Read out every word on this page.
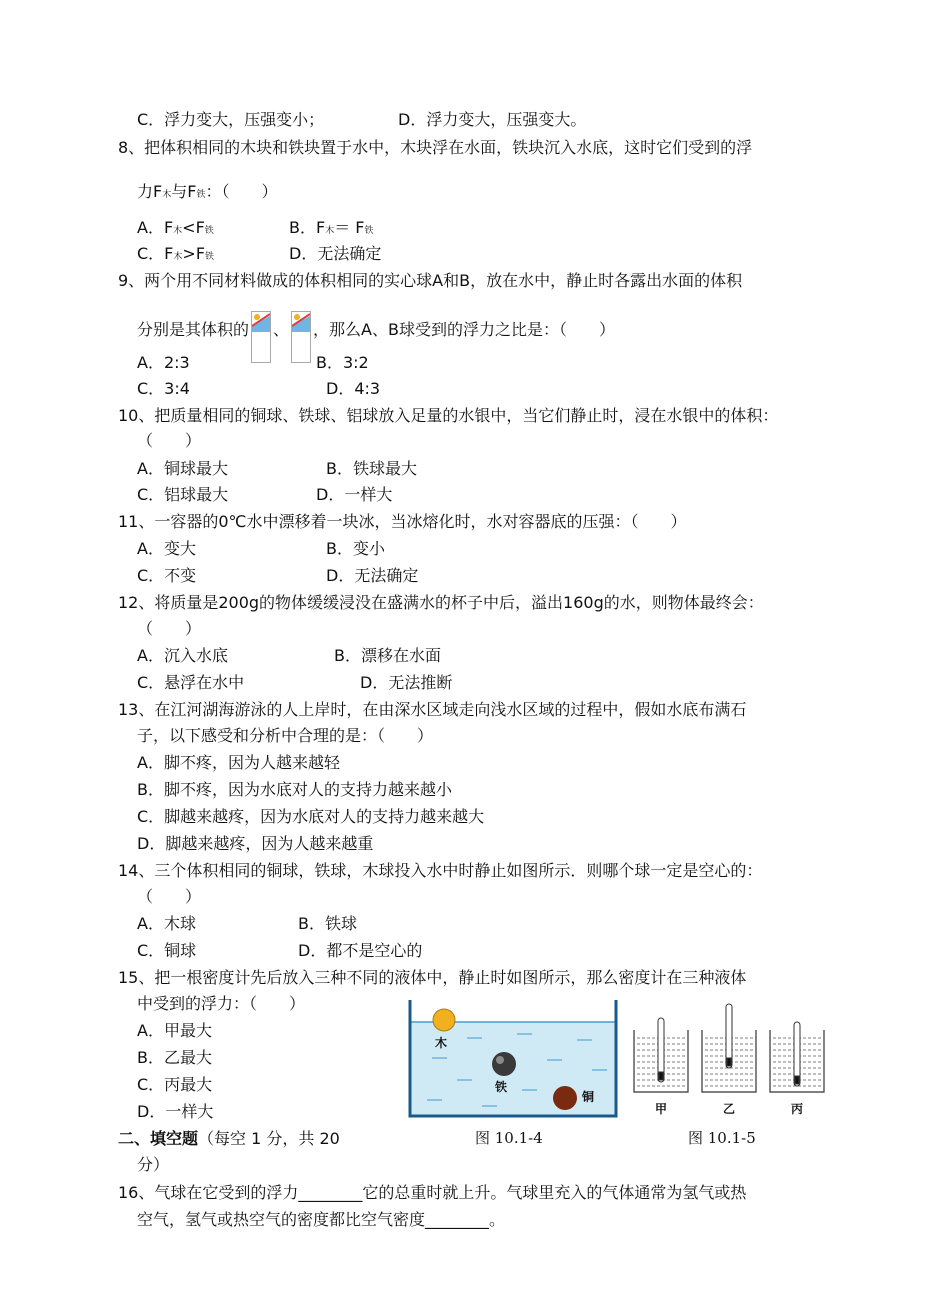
C．浮力变大，压强变小；	D．浮力变大，压强变大。
8、把体积相同的木块和铁块置于水中，木块浮在水面，铁块沉入水底，这时它们受到的浮
力F木与F铁：（　　）
A．F木<F铁	B．F木＝ F铁
C．F木>F铁	D．无法确定
9、两个用不同材料做成的体积相同的实心球A和B，放在水中，静止时各露出水面的体积
分别是其体积的 、 ，那么A、B球受到的浮力之比是：（　　）
A．2:3	B．3:2
C．3:4	D．4:3
10、把质量相同的铜球、铁球、铝球放入足量的水银中，当它们静止时，浸在水银中的体积：
（　　）
A．铜球最大	B．铁球最大
C．铝球最大	D．一样大
11、一容器的0℃水中漂移着一块冰，当冰熔化时，水对容器底的压强：（　　）
A．变大	B．变小
C．不变	D．无法确定
12、将质量是200g的物体缓缓浸没在盛满水的杯子中后，溢出160g的水，则物体最终会：
（　　）
A．沉入水底	B．漂移在水面
C．悬浮在水中	D．无法推断
13、在江河湖海游泳的人上岸时，在由深水区域走向浅水区域的过程中，假如水底布满石
子，以下感受和分析中合理的是：（　　）
A．脚不疼，因为人越来越轻
B．脚不疼，因为水底对人的支持力越来越小
C．脚越来越疼，因为水底对人的支持力越来越大
D．脚越来越疼，因为人越来越重
14、三个体积相同的铜球，铁球，木球投入水中时静止如图所示．则哪个球一定是空心的：
（　　）
A．木球	B．铁球
C．铜球	D．都不是空心的
15、把一根密度计先后放入三种不同的液体中，静止时如图所示，那么密度计在三种液体
中受到的浮力：（　　）
A．甲最大
B．乙最大
C．丙最大
D．一样大
二、填空题（每空 1 分，共 20
分）
16、气球在它受到的浮力________它的总重时就上升。气球里充入的气体通常为氢气或热
空气，氢气或热空气的密度都比空气密度________。
木
铁
铜
图 10.1-4
甲	乙	丙
图 10.1-5
